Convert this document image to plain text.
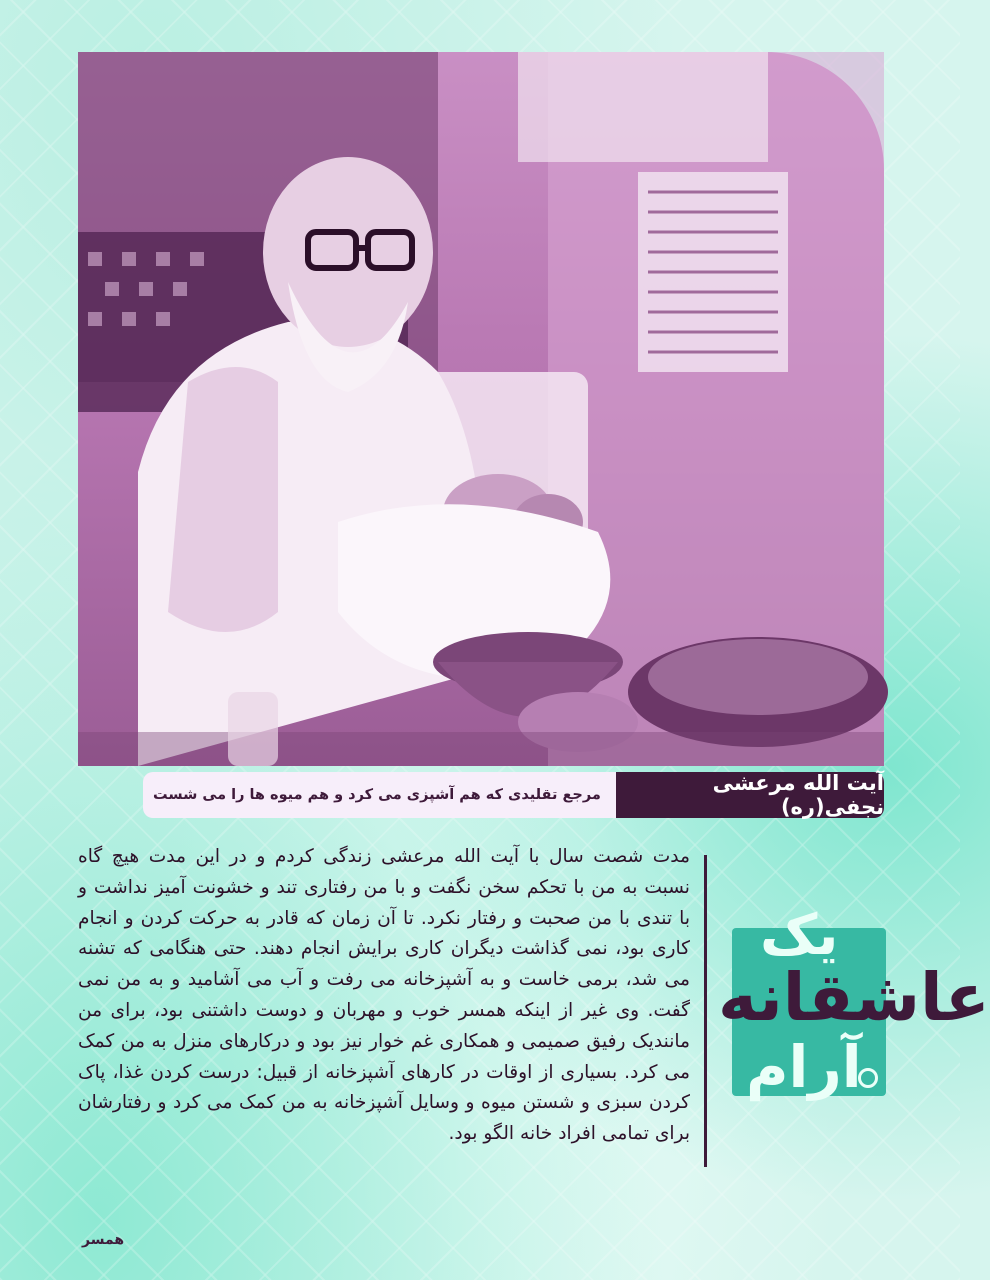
مرجع تقلیدی که هم آشپزی می کرد و هم میوه ها را می شست	آیت الله مرعشی نجفی(ره)
مدت شصت سال با آیت الله مرعشی زندگی کردم و در این مدت هیچ گاه نسبت به من با تحکم سخن نگفت و با من رفتاری تند و خشونت آمیز نداشت و با تندی با من صحبت و رفتار نکرد. تا آن زمان که قادر به حرکت کردن و انجام کاری بود، نمی گذاشت دیگران کاری برایش انجام دهند. حتی هنگامی که تشنه می شد، برمی خاست و به آشپزخانه می رفت و آب می آشامید و به من نمی گفت. وی غیر از اینکه همسر خوب و مهربان و دوست داشتنی بود، برای من مانندیک رفیق صمیمی و همکاری غم خوار نیز بود و درکارهای منزل به من کمک می کرد. بسیاری از اوقات در کارهای آشپزخانه از قبیل: درست کردن غذا، پاک کردن سبزی و شستن میوه و وسایل آشپزخانه به من کمک می کرد و رفتارشان برای تمامی افراد خانه الگو بود.
همسر
یک
عاشقانه
آرام
